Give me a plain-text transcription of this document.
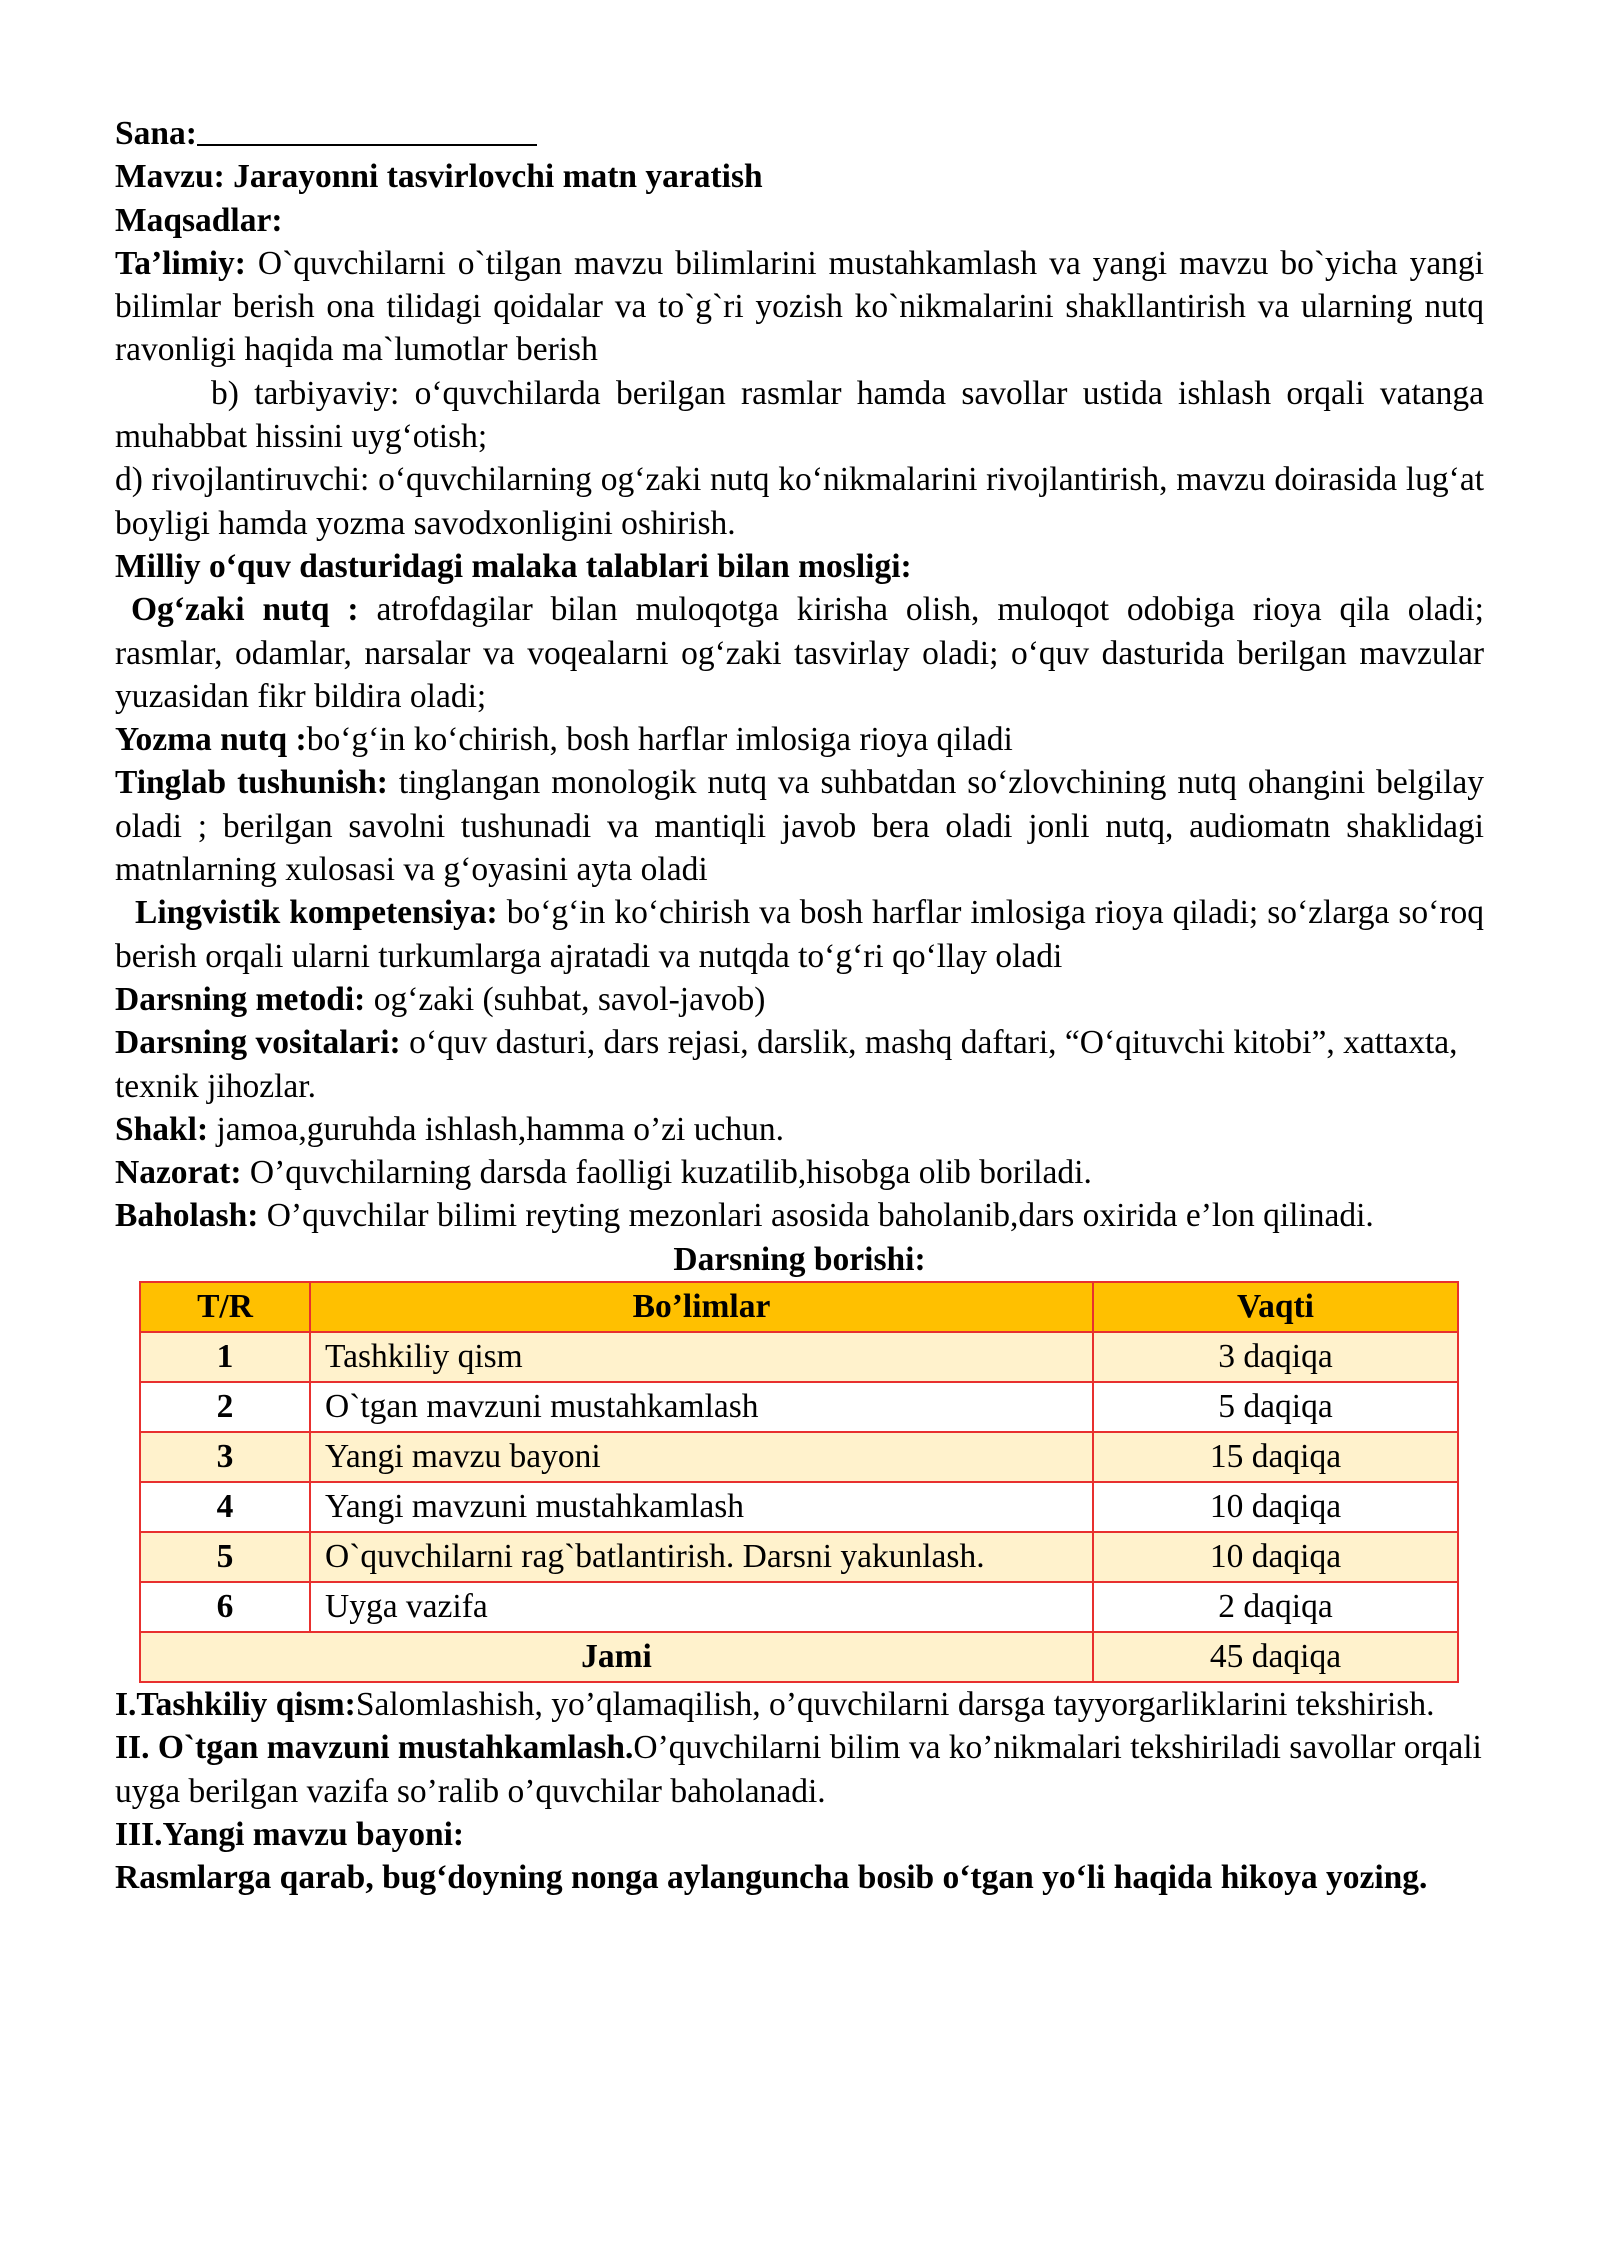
Sana:

Mavzu: Jarayonni tasvirlovchi matn yaratish

Maqsadlar:

Ta’limiy: O`quvchilarni o`tilgan mavzu bilimlarini mustahkamlash va yangi mavzu bo`yicha yangi bilimlar berish ona tilidagi qoidalar va to`g`ri yozish ko`nikmalarini shakllantirish va ularning nutq ravonligi haqida ma`lumotlar berish

b) tarbiyaviy: o‘quvchilarda berilgan rasmlar hamda savollar ustida ishlash orqali vatanga muhabbat hissini uyg‘otish;

d) rivojlantiruvchi: o‘quvchilarning og‘zaki nutq ko‘nikmalarini rivojlantirish, mavzu doirasida lug‘at boyligi hamda yozma savodxonligini oshirish.

Milliy o‘quv dasturidagi malaka talablari bilan mosligi:

Og‘zaki nutq : atrofdagilar bilan muloqotga kirisha olish, muloqot odobiga rioya qila oladi; rasmlar, odamlar, narsalar va voqealarni og‘zaki tasvirlay oladi; o‘quv dasturida berilgan mavzular yuzasidan fikr bildira oladi;

Yozma nutq :bo‘g‘in ko‘chirish, bosh harflar imlosiga rioya qiladi

Tinglab tushunish: tinglangan monologik nutq va suhbatdan so‘zlovchining nutq ohangini belgilay oladi ; berilgan savolni tushunadi va mantiqli javob bera oladi jonli nutq, audiomatn shaklidagi matnlarning xulosasi va g‘oyasini ayta oladi

Lingvistik kompetensiya: bo‘g‘in ko‘chirish va bosh harflar imlosiga rioya qiladi; so‘zlarga so‘roq berish orqali ularni turkumlarga ajratadi va nutqda to‘g‘ri qo‘llay oladi

Darsning metodi: og‘zaki (suhbat, savol-javob)

Darsning vositalari: o‘quv dasturi, dars rejasi, darslik, mashq daftari, “O‘qituvchi kitobi”, xattaxta, texnik jihozlar.

Shakl: jamoa,guruhda ishlash,hamma o’zi uchun.

Nazorat: O’quvchilarning darsda faolligi kuzatilib,hisobga olib boriladi.

Baholash: O’quvchilar bilimi reyting mezonlari asosida baholanib,dars oxirida e’lon qilinadi.

Darsning borishi:

T/R	Bo’limlar	Vaqti
1	Tashkiliy qism	3 daqiqa
2	O`tgan mavzuni mustahkamlash	5 daqiqa
3	Yangi mavzu bayoni	15 daqiqa
4	Yangi mavzuni mustahkamlash	10 daqiqa
5	O`quvchilarni rag`batlantirish. Darsni yakunlash.	10 daqiqa
6	Uyga vazifa	2 daqiqa
Jami		45 daqiqa

I.Tashkiliy qism:Salomlashish, yo’qlamaqilish, o’quvchilarni darsga tayyorgarliklarini tekshirish.

II. O`tgan mavzuni mustahkamlash.O’quvchilarni bilim va ko’nikmalari tekshiriladi savollar orqali uyga berilgan vazifa so’ralib o’quvchilar baholanadi.

III.Yangi mavzu bayoni:

Rasmlarga qarab, bug‘doyning nonga aylanguncha bosib o‘tgan yo‘li haqida hikoya yozing.
